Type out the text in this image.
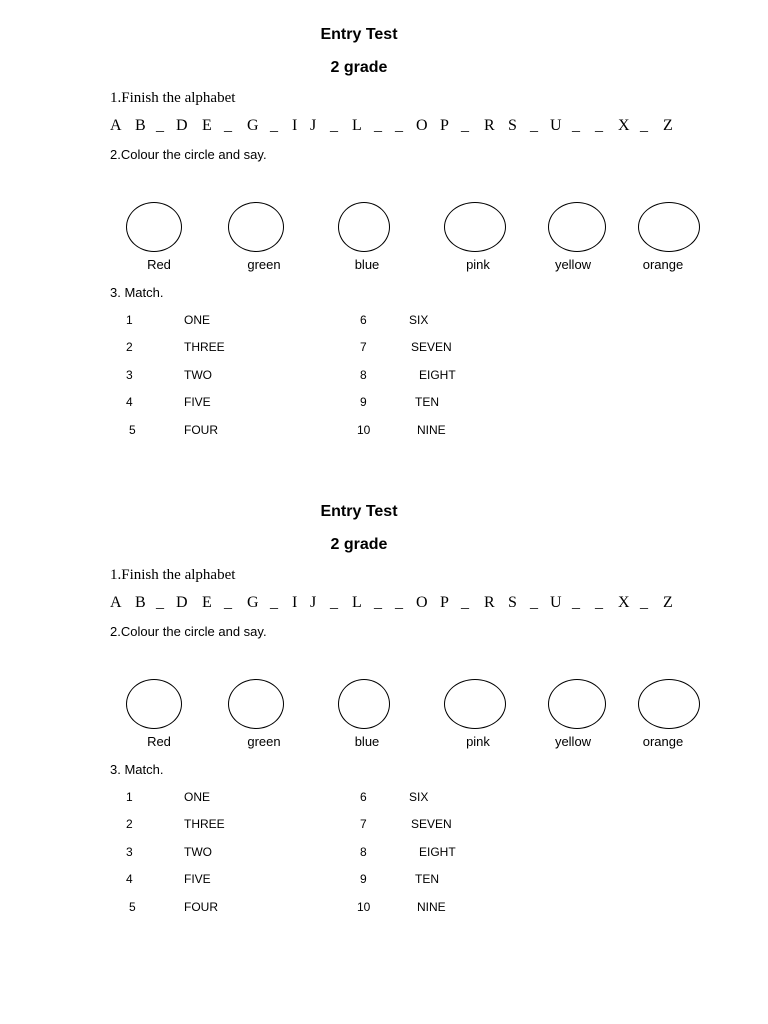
Entry Test
2 grade
1.Finish the alphabet
A B _ D E _ G _ I J _ L _ _ O P _ R S _ U _ _ X _ Z
2.Colour the circle and say.
Red	green	blue	pink	yellow	orange
3. Match.
1	ONE	6	SIX
2	THREE	7	SEVEN
3	TWO	8	EIGHT
4	FIVE	9	TEN
5	FOUR	10	NINE
Entry Test
2 grade
1.Finish the alphabet
A B _ D E _ G _ I J _ L _ _ O P _ R S _ U _ _ X _ Z
2.Colour the circle and say.
Red	green	blue	pink	yellow	orange
3. Match.
1	ONE	6	SIX
2	THREE	7	SEVEN
3	TWO	8	EIGHT
4	FIVE	9	TEN
5	FOUR	10	NINE
